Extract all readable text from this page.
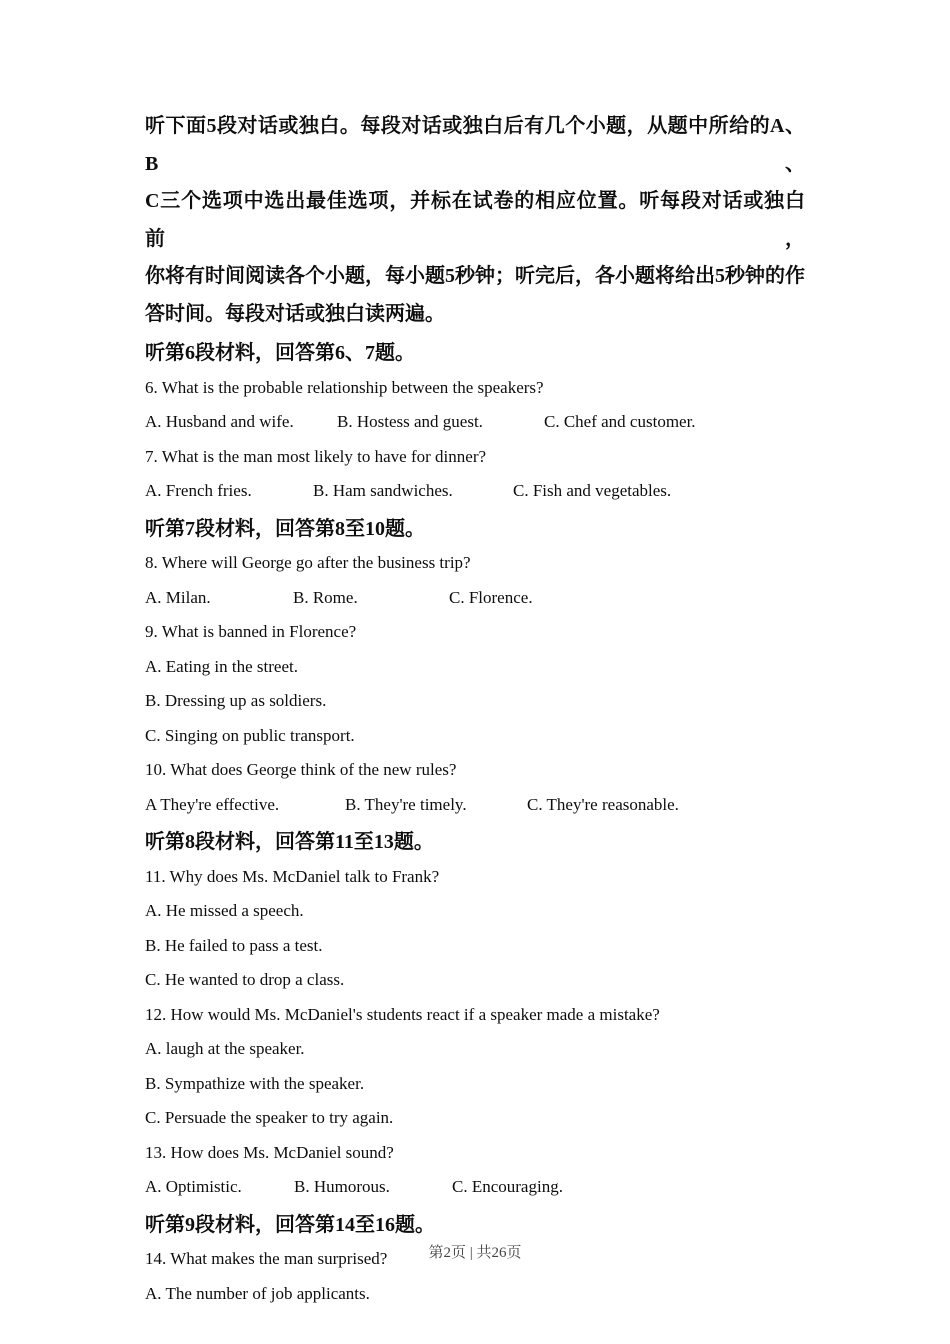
听下面5段对话或独白。每段对话或独白后有几个小题，从题中所给的A、B、
C三个选项中选出最佳选项，并标在试卷的相应位置。听每段对话或独白前，
你将有时间阅读各个小题，每小题5秒钟；听完后，各小题将给出5秒钟的作
答时间。每段对话或独白读两遍。
听第6段材料，回答第6、7题。
6. What is the probable relationship between the speakers?
A. Husband and wife.	B. Hostess and guest.	C. Chef and customer.
7. What is the man most likely to have for dinner?
A. French fries.	B. Ham sandwiches.	C. Fish and vegetables.
听第7段材料，回答第8至10题。
8. Where will George go after the business trip?
A. Milan.	B. Rome.	C. Florence.
9. What is banned in Florence?
A. Eating in the street.
B. Dressing up as soldiers.
C. Singing on public transport.
10. What does George think of the new rules?
A They're effective.	B. They're timely.	C. They're reasonable.
听第8段材料，回答第11至13题。
11. Why does Ms. McDaniel talk to Frank?
A. He missed a speech.
B. He failed to pass a test.
C. He wanted to drop a class.
12. How would Ms. McDaniel's students react if a speaker made a mistake?
A. laugh at the speaker.
B. Sympathize with the speaker.
C. Persuade the speaker to try again.
13. How does Ms. McDaniel sound?
A. Optimistic.	B. Humorous.	C. Encouraging.
听第9段材料，回答第14至16题。
14. What makes the man surprised?
A. The number of job applicants.
第2页 | 共26页
